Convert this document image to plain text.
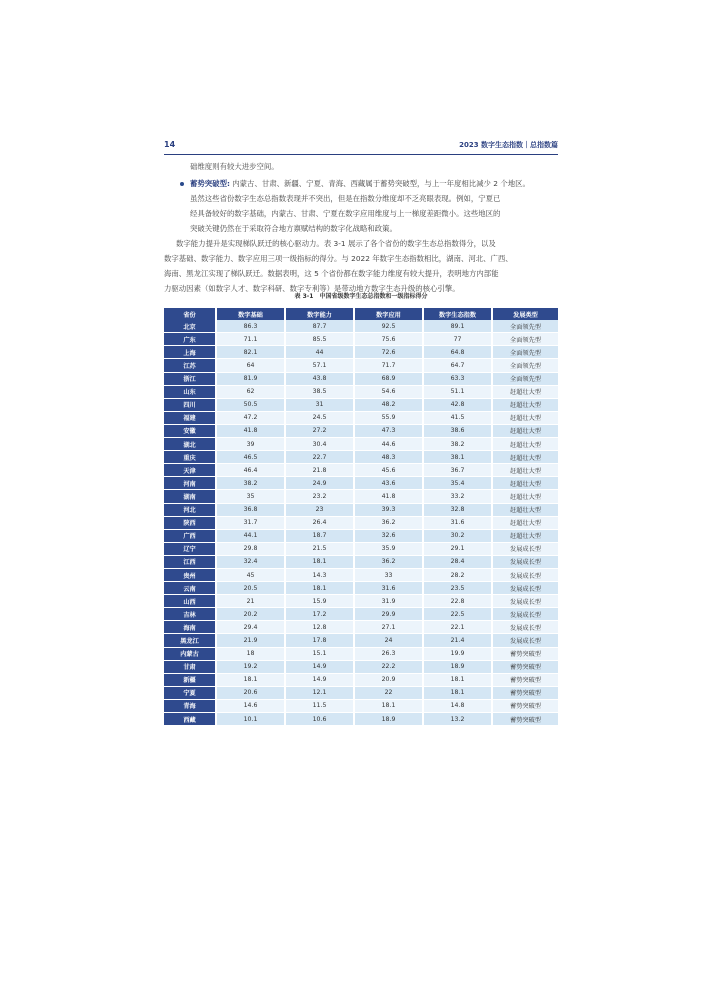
14	2023 数字生态指数｜总指数篇
础维度则有较大进步空间。
蓄势突破型: 内蒙古、甘肃、新疆、宁夏、青海、西藏属于蓄势突破型，与上一年度相比减少 2 个地区。
虽然这些省份数字生态总指数表现并不突出，但是在指数分维度却不乏亮眼表现。例如，宁夏已
经具备较好的数字基础，内蒙古、甘肃、宁夏在数字应用维度与上一梯度差距微小。这些地区的
突破关键仍然在于采取符合地方禀赋结构的数字化战略和政策。
数字能力提升是实现梯队跃迁的核心驱动力。表 3-1 展示了各个省份的数字生态总指数得分，以及
数字基础、数字能力、数字应用三项一级指标的得分。与 2022 年数字生态指数相比，湖南、河北、广西、
海南、黑龙江实现了梯队跃迁。数据表明，这 5 个省份都在数字能力维度有较大提升，表明地方内部能
力驱动因素（如数字人才、数字科研、数字专利等）是带动地方数字生态升级的核心引擎。
表 3-1　中国省级数字生态总指数和一级指标得分
省份	数字基础	数字能力	数字应用	数字生态指数	发展类型
北京	86.3	87.7	92.5	89.1	全面领先型
广东	71.1	85.5	75.6	77	全面领先型
上海	82.1	44	72.6	64.8	全面领先型
江苏	64	57.1	71.7	64.7	全面领先型
浙江	81.9	43.8	68.9	63.3	全面领先型
山东	62	38.5	54.6	51.1	赶超壮大型
四川	50.5	31	48.2	42.8	赶超壮大型
福建	47.2	24.5	55.9	41.5	赶超壮大型
安徽	41.8	27.2	47.3	38.6	赶超壮大型
湖北	39	30.4	44.6	38.2	赶超壮大型
重庆	46.5	22.7	48.3	38.1	赶超壮大型
天津	46.4	21.8	45.6	36.7	赶超壮大型
河南	38.2	24.9	43.6	35.4	赶超壮大型
湖南	35	23.2	41.8	33.2	赶超壮大型
河北	36.8	23	39.3	32.8	赶超壮大型
陕西	31.7	26.4	36.2	31.6	赶超壮大型
广西	44.1	18.7	32.6	30.2	赶超壮大型
辽宁	29.8	21.5	35.9	29.1	发展成长型
江西	32.4	18.1	36.2	28.4	发展成长型
贵州	45	14.3	33	28.2	发展成长型
云南	20.5	18.1	31.6	23.5	发展成长型
山西	21	15.9	31.9	22.8	发展成长型
吉林	20.2	17.2	29.9	22.5	发展成长型
海南	29.4	12.8	27.1	22.1	发展成长型
黑龙江	21.9	17.8	24	21.4	发展成长型
内蒙古	18	15.1	26.3	19.9	蓄势突破型
甘肃	19.2	14.9	22.2	18.9	蓄势突破型
新疆	18.1	14.9	20.9	18.1	蓄势突破型
宁夏	20.6	12.1	22	18.1	蓄势突破型
青海	14.6	11.5	18.1	14.8	蓄势突破型
西藏	10.1	10.6	18.9	13.2	蓄势突破型
